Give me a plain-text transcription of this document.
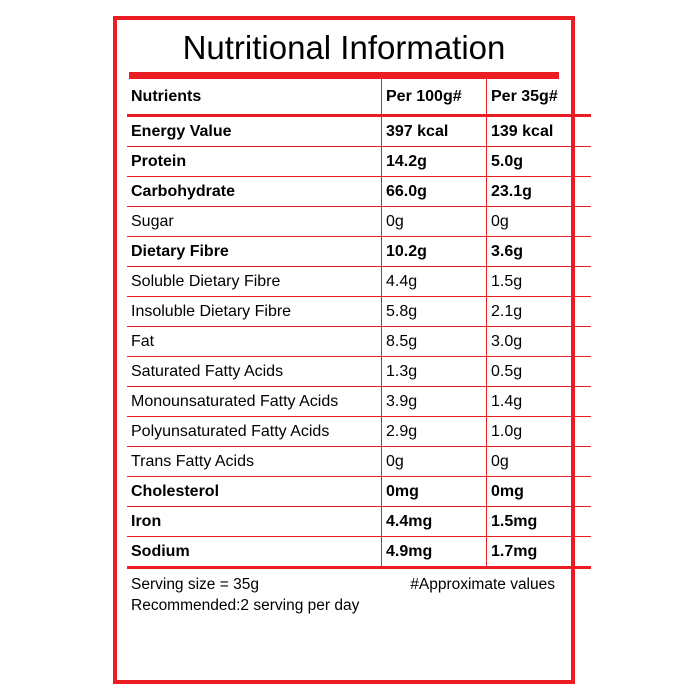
Nutritional Information
Nutrients	Per 100g#	Per 35g#
Energy Value	397 kcal	139 kcal
Protein	14.2g	5.0g
Carbohydrate	66.0g	23.1g
Sugar	0g	0g
Dietary Fibre	10.2g	3.6g
Soluble Dietary Fibre	4.4g	1.5g
Insoluble Dietary Fibre	5.8g	2.1g
Fat	8.5g	3.0g
Saturated Fatty Acids	1.3g	0.5g
Monounsaturated Fatty Acids	3.9g	1.4g
Polyunsaturated Fatty Acids	2.9g	1.0g
Trans Fatty Acids	0g	0g
Cholesterol	0mg	0mg
Iron	4.4mg	1.5mg
Sodium	4.9mg	1.7mg
Serving size = 35g
Recommended:2 serving per day
#Approximate values
